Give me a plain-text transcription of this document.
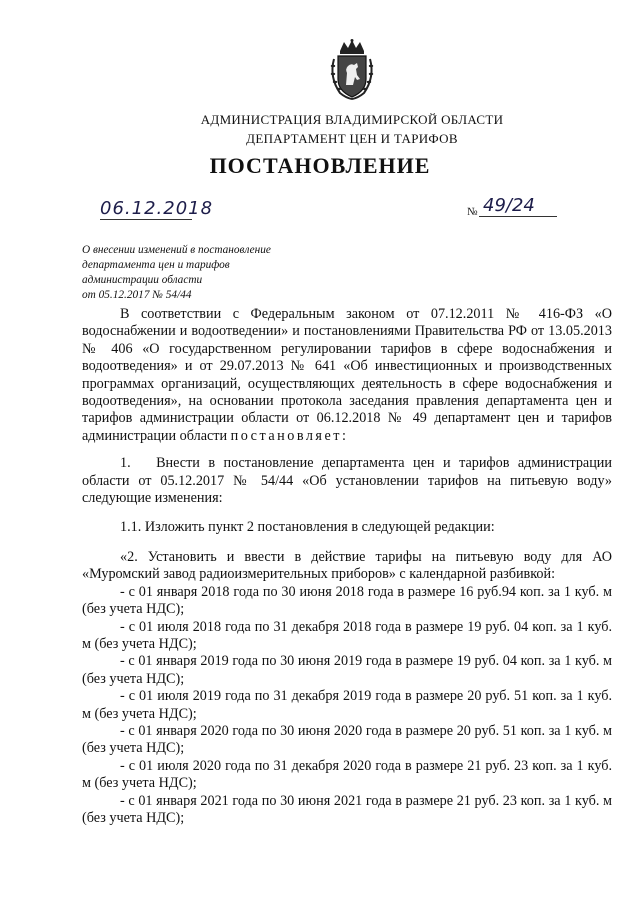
АДМИНИСТРАЦИЯ ВЛАДИМИРСКОЙ ОБЛАСТИ
ДЕПАРТАМЕНТ ЦЕН И ТАРИФОВ
ПОСТАНОВЛЕНИЕ
06.12.2018	№ 49/24
О внесении изменений в постановление
департамента цен и тарифов
администрации области
от 05.12.2017 № 54/44

В соответствии с Федеральным законом от 07.12.2011 № 416-ФЗ «О водоснабжении и водоотведении» и постановлениями Правительства РФ от 13.05.2013 № 406 «О государственном регулировании тарифов в сфере водоснабжения и водоотведения» и от 29.07.2013 № 641 «Об инвестиционных и производственных программах организаций, осуществляющих деятельность в сфере водоснабжения и водоотведения», на основании протокола заседания правления департамента цен и тарифов администрации области от 06.12.2018 № 49 департамент цен и тарифов администрации области постановляет:

1.   Внести в постановление департамента цен и тарифов администрации области от 05.12.2017 № 54/44 «Об установлении тарифов на питьевую воду» следующие изменения:

1.1. Изложить пункт 2 постановления в следующей редакции:

«2. Установить и ввести в действие тарифы на питьевую воду для АО «Муромский завод радиоизмерительных приборов» с календарной разбивкой:

- с 01 января 2018 года по 30 июня 2018 года в размере 16 руб.94 коп. за 1 куб. м (без учета НДС);

- с 01 июля 2018 года по 31 декабря 2018 года в размере 19 руб. 04 коп. за 1 куб. м (без учета НДС);

- с 01 января 2019 года по 30 июня 2019 года в размере 19 руб. 04 коп. за 1 куб. м (без учета НДС);

- с 01 июля 2019 года по 31 декабря 2019 года в размере 20 руб. 51 коп. за 1 куб. м (без учета НДС);

- с 01 января 2020 года по 30 июня 2020 года в размере 20 руб. 51 коп. за 1 куб. м (без учета НДС);

- с 01 июля 2020 года по 31 декабря 2020 года в размере 21 руб. 23 коп. за 1 куб. м (без учета НДС);

- с 01 января 2021 года по 30 июня 2021 года в размере 21 руб. 23 коп. за 1 куб. м (без учета НДС);
